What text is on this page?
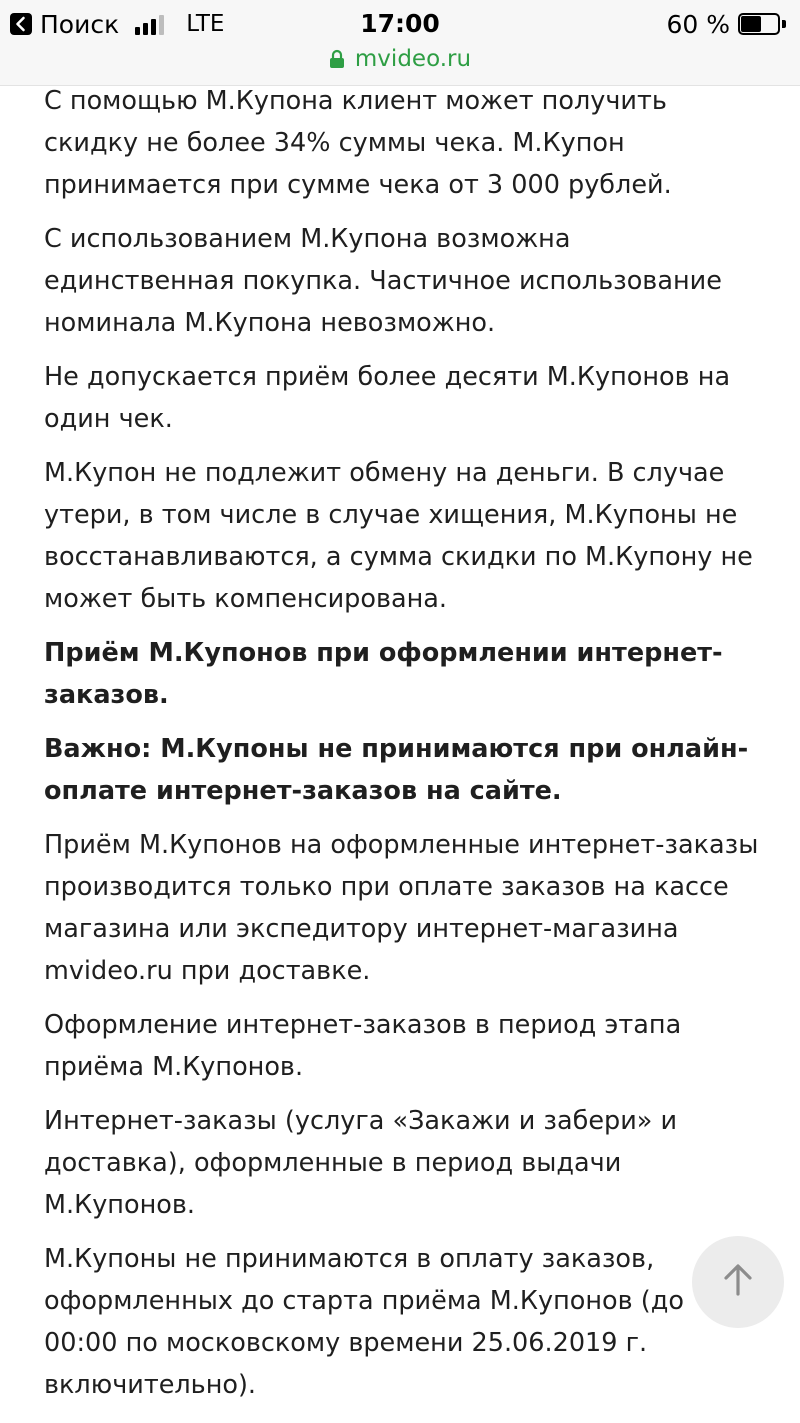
Поиск	LTE	17:00	60 %
mvideo.ru

С помощью М.Купона клиент может получить скидку не более 34% суммы чека. М.Купон принимается при сумме чека от 3 000 рублей.

С использованием М.Купона возможна единственная покупка. Частичное использование номинала М.Купона невозможно.

Не допускается приём более десяти М.Купонов на один чек.

М.Купон не подлежит обмену на деньги. В случае утери, в том числе в случае хищения, М.Купоны не восстанавливаются, а сумма скидки по М.Купону не может быть компенсирована.

Приём М.Купонов при оформлении интернет-заказов.

Важно: М.Купоны не принимаются при онлайн-оплате интернет-заказов на сайте.

Приём М.Купонов на оформленные интернет-заказы производится только при оплате заказов на кассе магазина или экспедитору интернет-магазина mvideo.ru при доставке.

Оформление интернет-заказов в период этапа приёма М.Купонов.

Интернет-заказы (услуга «Закажи и забери» и доставка), оформленные в период выдачи М.Купонов.

М.Купоны не принимаются в оплату заказов, оформленных до старта приёма М.Купонов (до 00:00 по московскому времени 25.06.2019 г. включительно).
